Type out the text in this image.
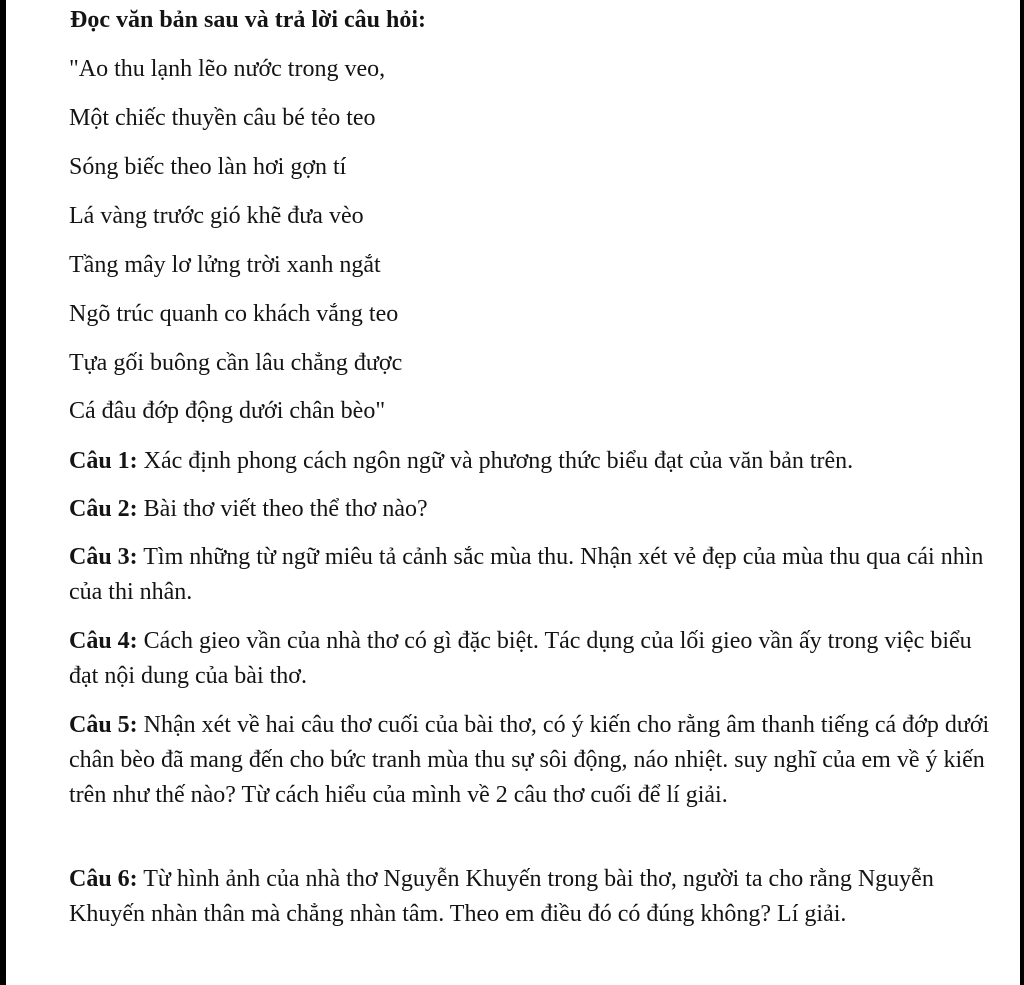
Đọc văn bản sau và trả lời câu hỏi:
"Ao thu lạnh lẽo nước trong veo,
Một chiếc thuyền câu bé tẻo teo
Sóng biếc theo làn hơi gợn tí
Lá vàng trước gió khẽ đưa vèo
Tầng mây lơ lửng trời xanh ngắt
Ngõ trúc quanh co khách vắng teo
Tựa gối buông cần lâu chẳng được
Cá đâu đớp động dưới chân bèo"
Câu 1: Xác định phong cách ngôn ngữ và phương thức biểu đạt của văn bản trên.
Câu 2: Bài thơ viết theo thể thơ nào?
Câu 3: Tìm những từ ngữ miêu tả cảnh sắc mùa thu. Nhận xét vẻ đẹp của mùa thu qua cái nhìn của thi nhân.
Câu 4: Cách gieo vần của nhà thơ có gì đặc biệt. Tác dụng của lối gieo vần ấy trong việc biểu đạt nội dung của bài thơ.
Câu 5: Nhận xét về hai câu thơ cuối của bài thơ, có ý kiến cho rằng âm thanh tiếng cá đớp dưới chân bèo đã mang đến cho bức tranh mùa thu sự sôi động, náo nhiệt. suy nghĩ của em về ý kiến trên như thế nào? Từ cách hiểu của mình về 2 câu thơ cuối để lí giải.
Câu 6: Từ hình ảnh của nhà thơ Nguyễn Khuyến trong bài thơ, người ta cho rằng Nguyễn Khuyến nhàn thân mà chẳng nhàn tâm. Theo em điều đó có đúng không? Lí giải.
